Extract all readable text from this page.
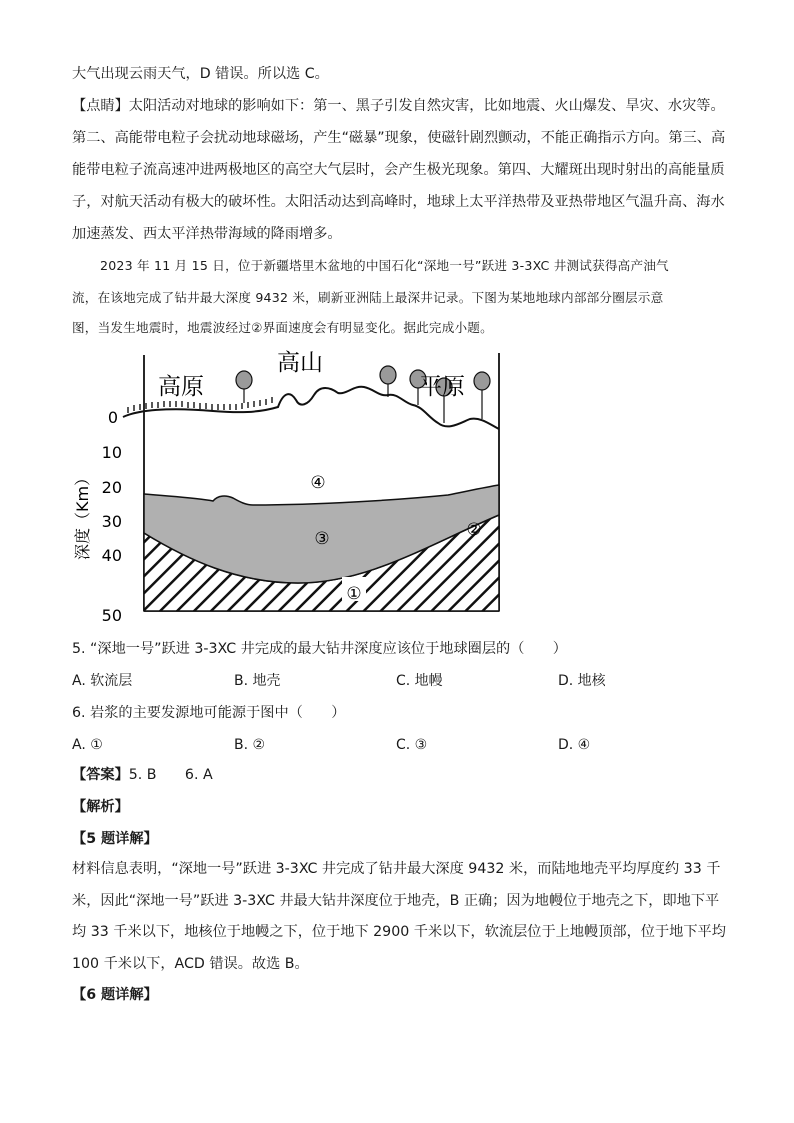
大气出现云雨天气，D 错误。所以选 C。
【点睛】太阳活动对地球的影响如下：第一、黑子引发自然灾害，比如地震、火山爆发、旱灾、水灾等。
第二、高能带电粒子会扰动地球磁场，产生“磁暴”现象，使磁针剧烈颤动，不能正确指示方向。第三、高
能带电粒子流高速冲进两极地区的高空大气层时，会产生极光现象。第四、大耀斑出现时射出的高能量质
子，对航天活动有极大的破坏性。太阳活动达到高峰时，地球上太平洋热带及亚热带地区气温升高、海水
加速蒸发、西太平洋热带海域的降雨增多。
2023 年 11 月 15 日，位于新疆塔里木盆地的中国石化“深地一号”跃进 3-3XC 井测试获得高产油气
流，在该地完成了钻井最大深度 9432 米，刷新亚洲陆上最深井记录。下图为某地地球内部部分圈层示意
图，当发生地震时，地震波经过②界面速度会有明显变化。据此完成小题。
高原
高山
平原
深度（Km）
0
10
20
30
40
50
④
③	②
①
5. “深地一号”跃进 3-3XC 井完成的最大钻井深度应该位于地球圈层的（　　）
A. 软流层	B. 地壳	C. 地幔	D. 地核
6. 岩浆的主要发源地可能源于图中（　　）
A. ①	B. ②	C. ③	D. ④
【答案】5. B　　6. A
【解析】
【5 题详解】
材料信息表明，“深地一号”跃进 3-3XC 井完成了钻井最大深度 9432 米，而陆地地壳平均厚度约 33 千
米，因此“深地一号”跃进 3-3XC 井最大钻井深度位于地壳，B 正确；因为地幔位于地壳之下，即地下平
均 33 千米以下，地核位于地幔之下，位于地下 2900 千米以下，软流层位于上地幔顶部，位于地下平均
100 千米以下，ACD 错误。故选 B。
【6 题详解】
